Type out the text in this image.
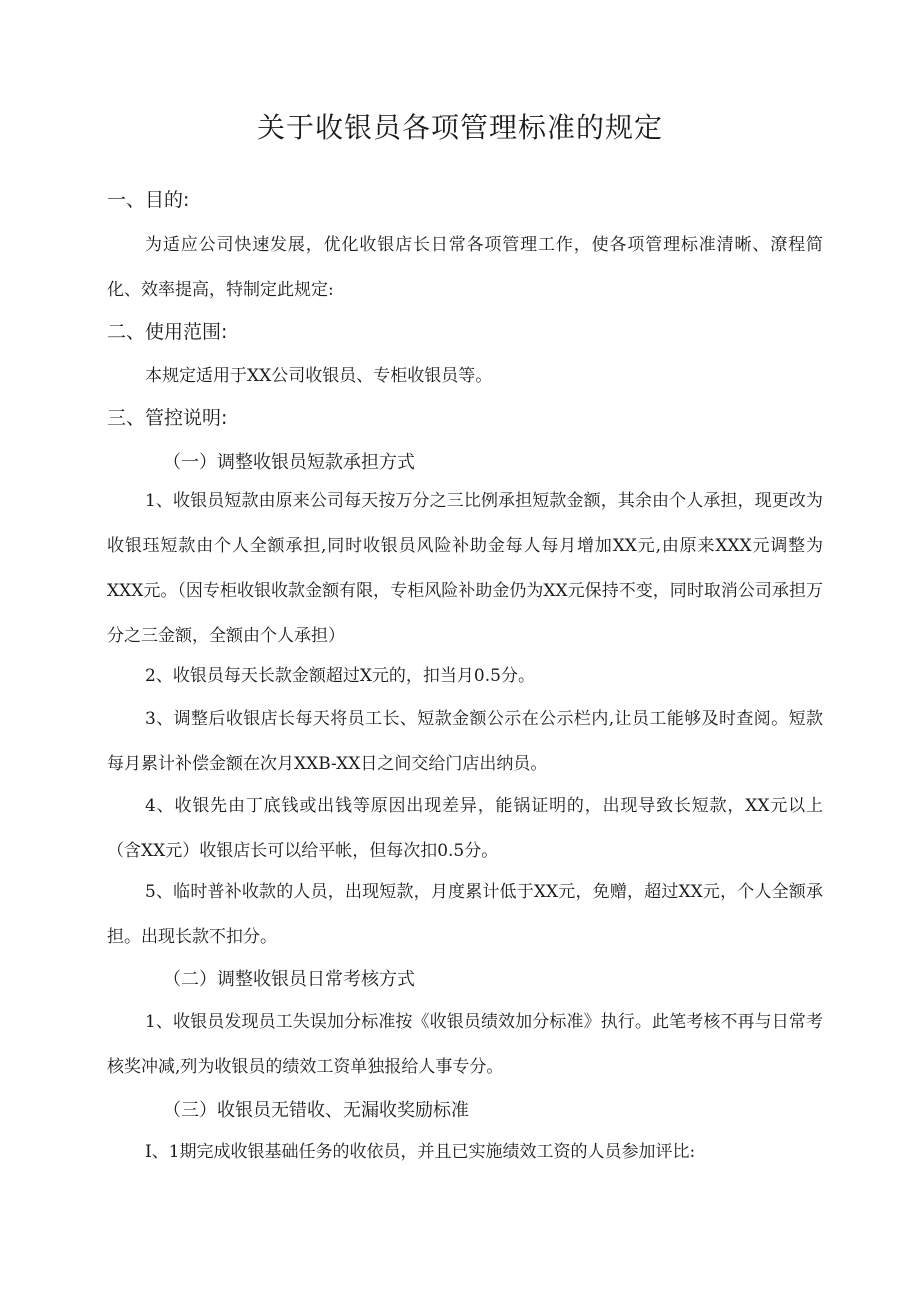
关于收银员各项管理标准的规定
一、目的:

为适应公司快速发展，优化收银店长日常各项管理工作，使各项管理标准清晰、潦程简化、效率提高，特制定此规定:

二、使用范围:

本规定适用于XX公司收银员、专柜收银员等。

三、管控说明:
（一）调整收银员短款承担方式

1、收银员短款由原来公司每天按万分之三比例承担短款金额，其余由个人承担，现更改为收银珏短款由个人全额承担,同时收银员风险补助金每人每月增加XX元,由原来XXX元调整为XXX元。（因专柜收银收款金额有限，专柜风险补助金仍为XX元保持不变，同时取消公司承担万分之三金额，全额由个人承担）

2、收银员每天长款金额超过X元的，扣当月0.5分。

3、调整后收银店长每天将员工长、短款金额公示在公示栏内,让员工能够及时查阅。短款每月累计补偿金额在次月XXB-XX日之间交给门店出纳员。

4、收银先由丁底钱或出钱等原因出现差异，能锅证明的，出现导致长短款，XX元以上（含XX元）收银店长可以给平帐，但每次扣0.5分。

5、临时普补收款的人员，出现短款，月度累计低于XX元，免赠，超过XX元，个人全额承担。出现长款不扣分。

（二）调整收银员日常考核方式

1、收银员发现员工失误加分标准按《收银员绩效加分标准》执行。此笔考核不再与日常考核奖冲减,列为收银员的绩效工资单独报给人事专分。

（三）收银员无错收、无漏收奖励标准

I、1期完成收银基础任务的收依员，并且已实施绩效工资的人员参加评比:
